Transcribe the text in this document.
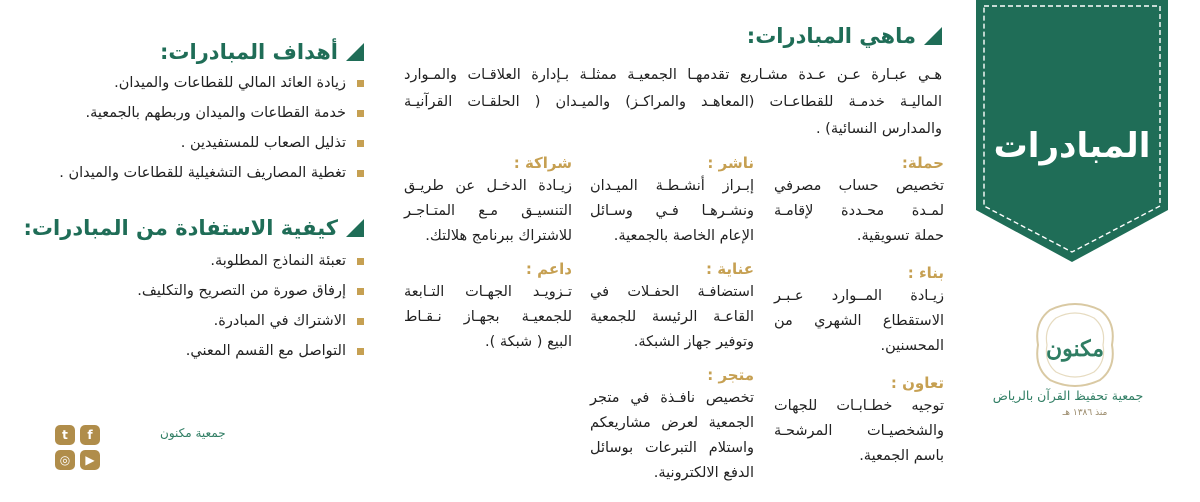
المبادرات
مكنون
جمعية تحفيظ القرآن بالرياض
منذ ١٣٨٦ هـ
ماهي المبادرات:
هـي عبـارة عـن عـدة مشـاريع تقدمهـا الجمعيـة ممثلـة بـإدارة العلاقـات والمـوارد
الماليـة خدمـة للقطاعـات (المعاهـد والمراكـز) والميـدان ( الحلقـات القرآنيـة
والمدارس النسائية) .
حملة:
تخصيص حساب مصرفي
لمـدة محـددة لإقامـة
حملة تسويقية.
بناء :
زيـادة المــوارد عـبـر
الاستقطاع الشهري من
المحسنين.
تعاون :
توجيه خطـابـات للجهات
والشخصيـات المرشحـة
باسم الجمعية.
ناشر :
إبـراز أنشـطـة الميـدان
ونشـرهـا فـي وسـائل
الإعام الخاصة بالجمعية.
عناية :
استضافـة الحفـلات في
القاعـة الرئيسة للجمعية
وتوفير جهاز الشبكة.
متجر :
تخصيص نافـذة في متجر
الجمعية لعرض مشاريعكم
واستلام التبرعات بوسائل
الدفع الالكترونية.
شراكة :
زيـادة الدخـل عن طريـق
التنسيـق مـع المتـاجـر
للاشتراك ببرنامج هلالتك.
داعم :
تـزويـد الجهـات التـابعة
للجمعيـة بجهـاز نـقـاط
البيع ( شبكة ).
أهداف المبادرات:
زيادة العائد المالي للقطاعات والميدان.
خدمة القطاعات والميدان وربطهم بالجمعية.
تذليل الصعاب للمستفيدين .
تغطية المصاريف التشغيلية للقطاعات والميدان .
كيفية الاستفادة من المبادرات:
تعبئة النماذج المطلوبة.
إرفاق صورة من التصريح والتكليف.
الاشتراك في المبادرة.
التواصل مع القسم المعني.
t	f
▶
◎
جمعية مكنون
